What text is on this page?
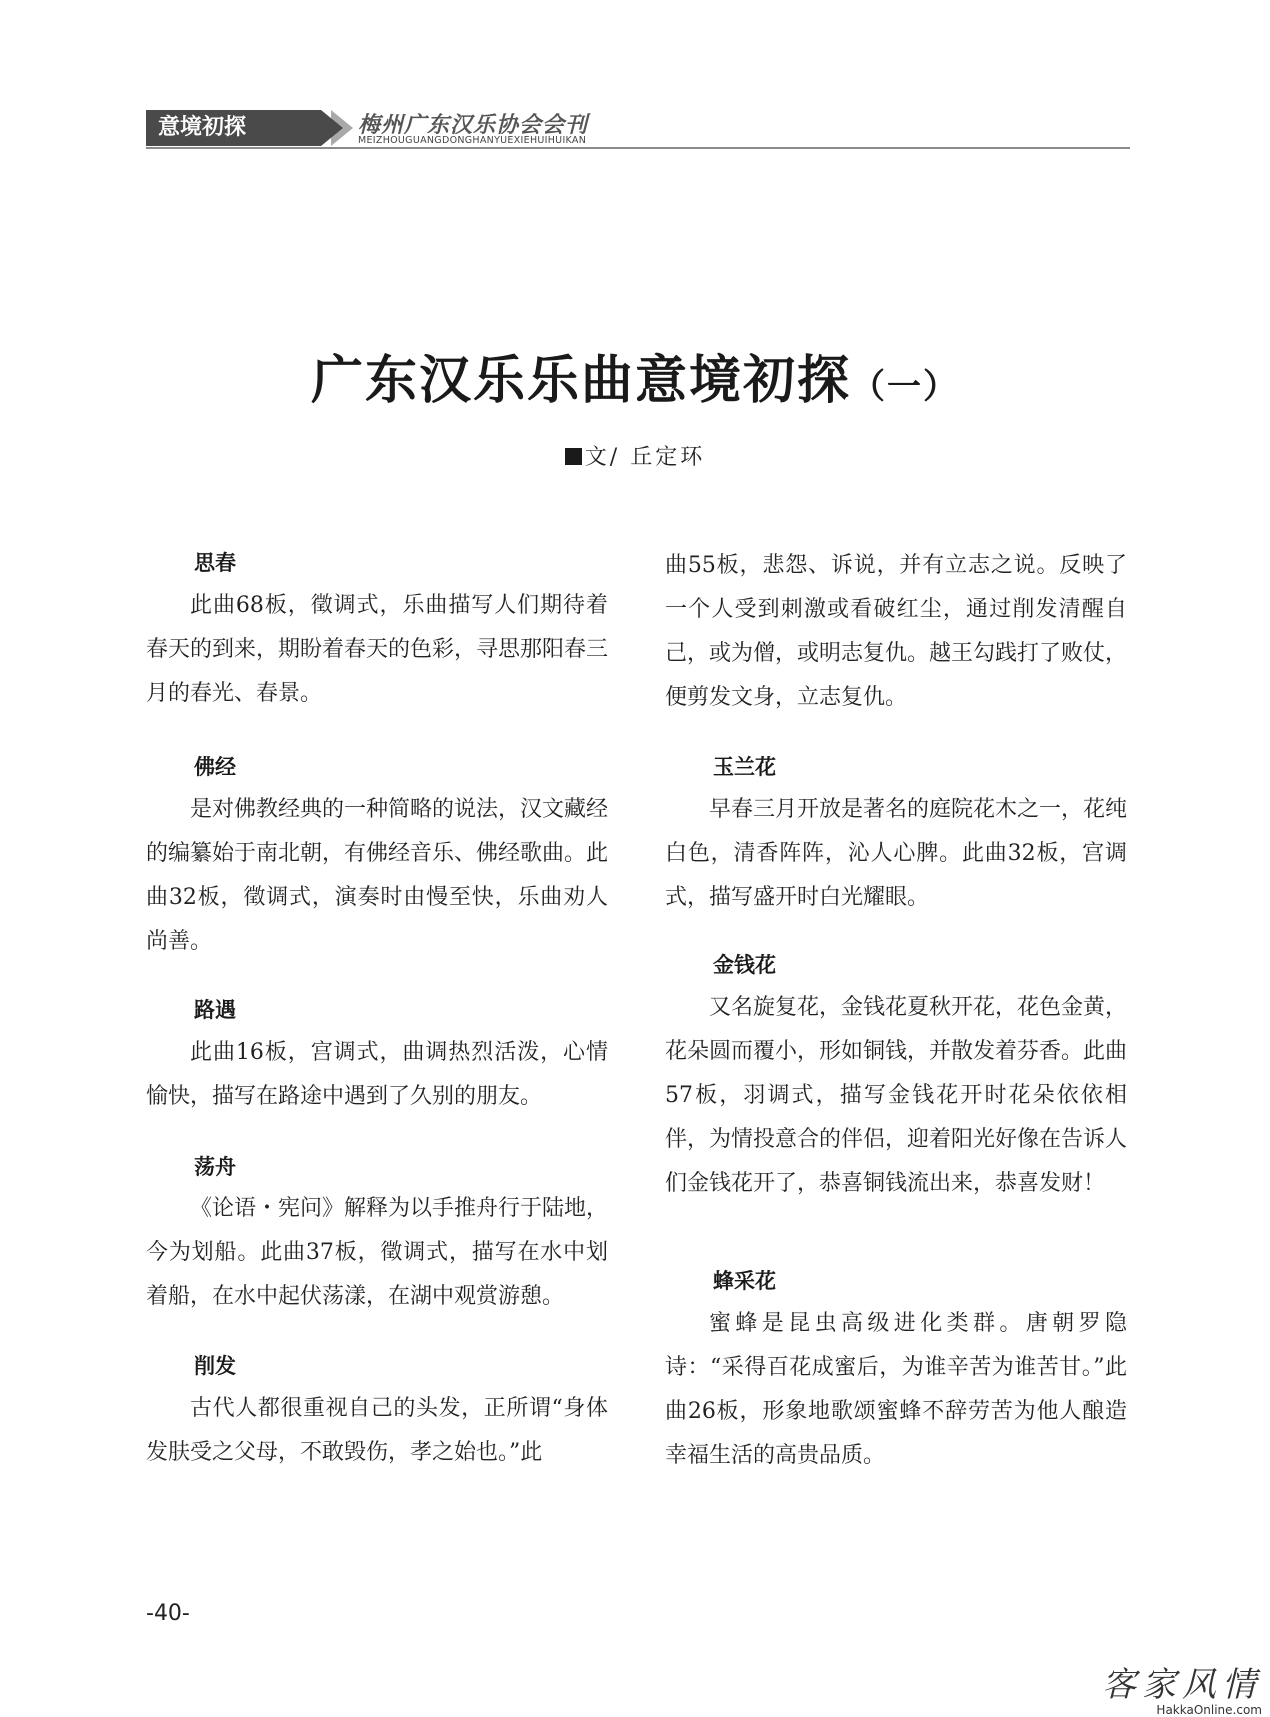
意境初探	梅州广东汉乐协会会刊
MEIZHOUGUANGDONGHANYUEXIEHUIHUIKAN
广东汉乐乐曲意境初探（一）
文/ 丘定环
思春

此曲68板，徵调式，乐曲描写人们期待着春天的到来，期盼着春天的色彩，寻思那阳春三月的春光、春景。

佛经

是对佛教经典的一种简略的说法，汉文藏经的编纂始于南北朝，有佛经音乐、佛经歌曲。此曲32板，徵调式，演奏时由慢至快，乐曲劝人尚善。

路遇

此曲16板，宫调式，曲调热烈活泼，心情愉快，描写在路途中遇到了久别的朋友。

荡舟

《论语・宪问》解释为以手推舟行于陆地，今为划船。此曲37板，徵调式，描写在水中划着船，在水中起伏荡漾，在湖中观赏游憩。

削发

古代人都很重视自己的头发，正所谓“身体发肤受之父母，不敢毁伤，孝之始也。”此

曲55板，悲怨、诉说，并有立志之说。反映了一个人受到刺激或看破红尘，通过削发清醒自己，或为僧，或明志复仇。越王勾践打了败仗，便剪发文身，立志复仇。

玉兰花

早春三月开放是著名的庭院花木之一，花纯白色，清香阵阵，沁人心脾。此曲32板，宫调式，描写盛开时白光耀眼。

金钱花

又名旋复花，金钱花夏秋开花，花色金黄，花朵圆而覆小，形如铜钱，并散发着芬香。此曲57板，羽调式，描写金钱花开时花朵依依相伴，为情投意合的伴侣，迎着阳光好像在告诉人们金钱花开了，恭喜铜钱流出来，恭喜发财！

蜂采花

蜜蜂是昆虫高级进化类群。唐朝罗隐诗：“采得百花成蜜后，为谁辛苦为谁苦甘。”此曲26板，形象地歌颂蜜蜂不辞劳苦为他人酿造幸福生活的高贵品质。

-40-
客家风情
HakkaOnline.com
